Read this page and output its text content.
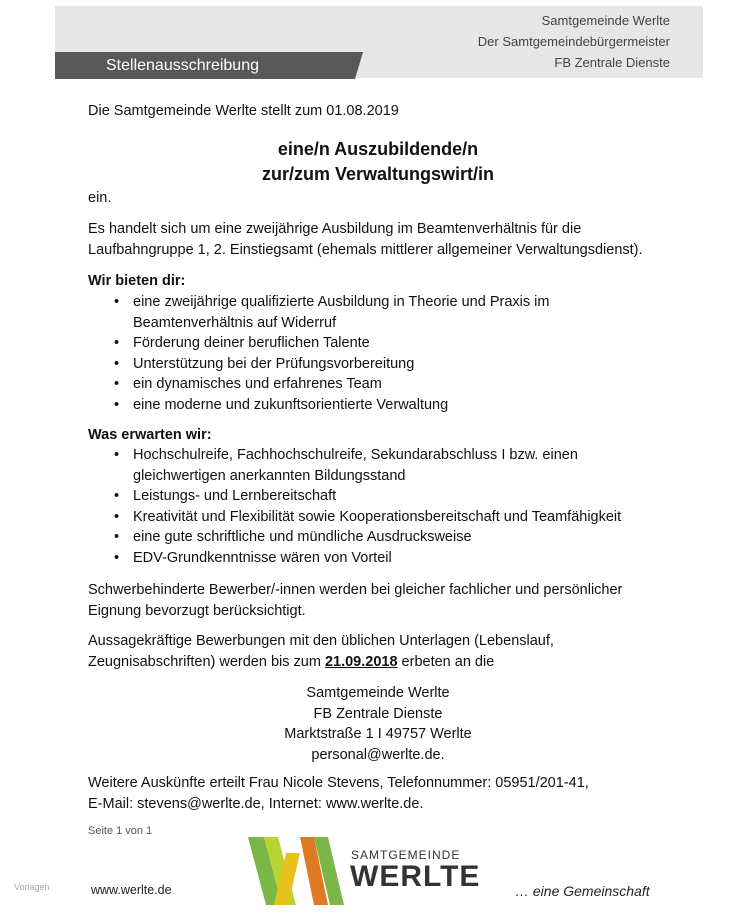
Stellenausschreibung
Samtgemeinde Werlte
Der Samtgemeindebürgermeister
FB Zentrale Dienste

Die Samtgemeinde Werlte stellt zum 01.08.2019

eine/n Auszubildende/n
zur/zum Verwaltungswirt/in

ein.

Es handelt sich um eine zweijährige Ausbildung im Beamtenverhältnis für die Laufbahngruppe 1, 2. Einstiegsamt (ehemals mittlerer allgemeiner Verwaltungsdienst).

Wir bieten dir:

• eine zweijährige qualifizierte Ausbildung in Theorie und Praxis im Beamtenverhältnis auf Widerruf
• Förderung deiner beruflichen Talente
• Unterstützung bei der Prüfungsvorbereitung
• ein dynamisches und erfahrenes Team
• eine moderne und zukunftsorientierte Verwaltung

Was erwarten wir:

• Hochschulreife, Fachhochschulreife, Sekundarabschluss I bzw. einen gleichwertigen anerkannten Bildungsstand
• Leistungs- und Lernbereitschaft
• Kreativität und Flexibilität sowie Kooperationsbereitschaft und Teamfähigkeit
• eine gute schriftliche und mündliche Ausdrucksweise
• EDV-Grundkenntnisse wären von Vorteil

Schwerbehinderte Bewerber/-innen werden bei gleicher fachlicher und persönlicher Eignung bevorzugt berücksichtigt.

Aussagekräftige Bewerbungen mit den üblichen Unterlagen (Lebenslauf, Zeugnisabschriften) werden bis zum 21.09.2018 erbeten an die

Samtgemeinde Werlte
FB Zentrale Dienste
Marktstraße 1 I 49757 Werlte
personal@werlte.de.

Weitere Auskünfte erteilt Frau Nicole Stevens, Telefonnummer: 05951/201-41,

E-Mail: stevens@werlte.de, Internet: www.werlte.de.

Seite 1 von 1
Vorlagen	www.werlte.de
SAMTGEMEINDE
WERLTE … eine Gemeinschaft
